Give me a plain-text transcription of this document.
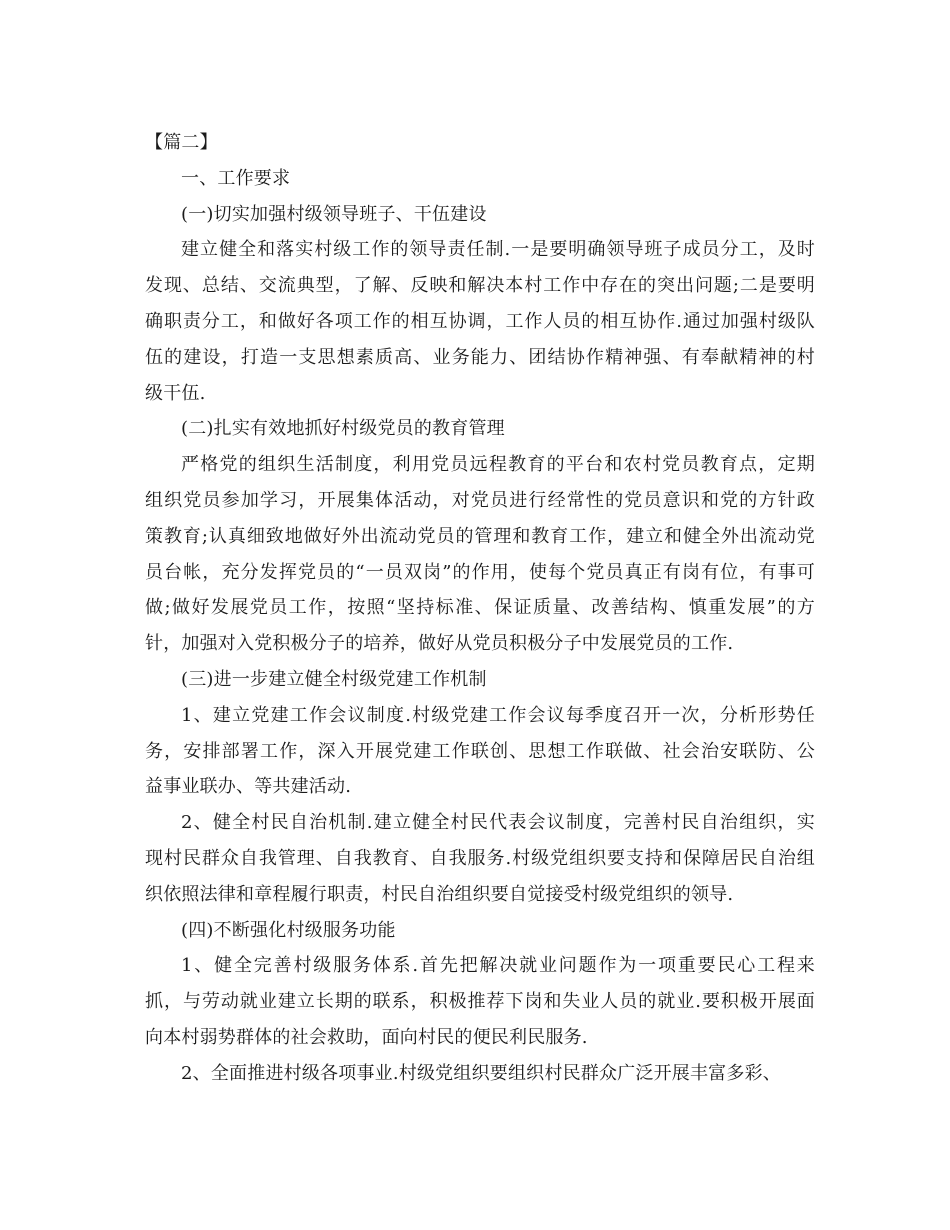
【篇二】
一、工作要求
(一)切实加强村级领导班子、干伍建设
建立健全和落实村级工作的领导责任制.一是要明确领导班子成员分工，及时
发现、总结、交流典型，了解、反映和解决本村工作中存在的突出问题;二是要明
确职责分工，和做好各项工作的相互协调，工作人员的相互协作.通过加强村级队
伍的建设，打造一支思想素质高、业务能力、团结协作精神强、有奉献精神的村
级干伍.
(二)扎实有效地抓好村级党员的教育管理
严格党的组织生活制度，利用党员远程教育的平台和农村党员教育点，定期
组织党员参加学习，开展集体活动，对党员进行经常性的党员意识和党的方针政
策教育;认真细致地做好外出流动党员的管理和教育工作，建立和健全外出流动党
员台帐，充分发挥党员的“一员双岗”的作用，使每个党员真正有岗有位，有事可
做;做好发展党员工作，按照“坚持标准、保证质量、改善结构、慎重发展”的方
针，加强对入党积极分子的培养，做好从党员积极分子中发展党员的工作.
(三)进一步建立健全村级党建工作机制
1、建立党建工作会议制度.村级党建工作会议每季度召开一次，分析形势任
务，安排部署工作，深入开展党建工作联创、思想工作联做、社会治安联防、公
益事业联办、等共建活动.
2、健全村民自治机制.建立健全村民代表会议制度，完善村民自治组织，实
现村民群众自我管理、自我教育、自我服务.村级党组织要支持和保障居民自治组
织依照法律和章程履行职责，村民自治组织要自觉接受村级党组织的领导.
(四)不断强化村级服务功能
1、健全完善村级服务体系.首先把解决就业问题作为一项重要民心工程来
抓，与劳动就业建立长期的联系，积极推荐下岗和失业人员的就业.要积极开展面
向本村弱势群体的社会救助，面向村民的便民利民服务.
2、全面推进村级各项事业.村级党组织要组织村民群众广泛开展丰富多彩、
